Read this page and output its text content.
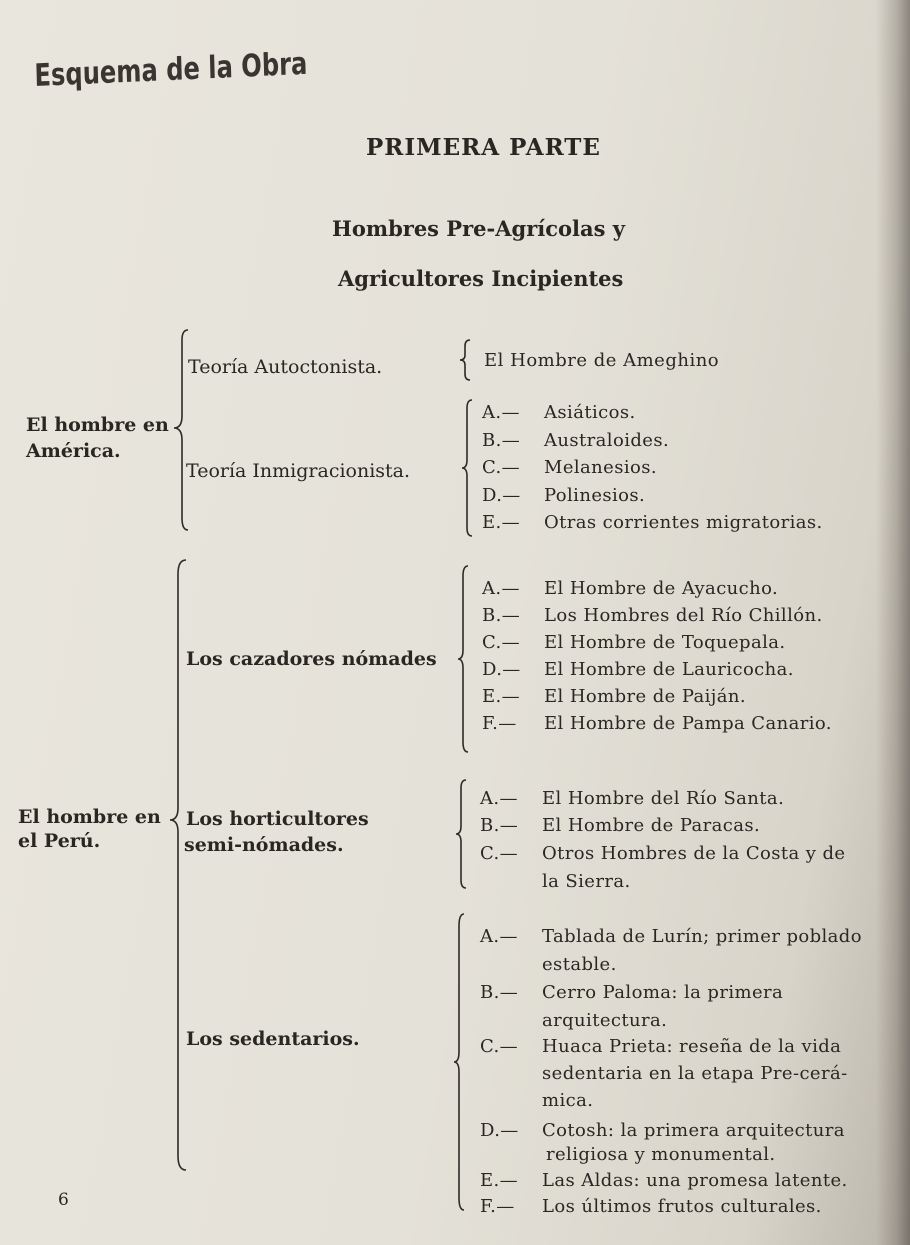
Esquema de la Obra
PRIMERA PARTE
Hombres Pre-Agrícolas y
Agricultores Incipientes
El hombre en
América.
Teoría Autoctonista.	El Hombre de Ameghino
Teoría Inmigracionista.
A.— Asiáticos.
B.— Australoides.
C.— Melanesios.
D.— Polinesios.
E.— Otras corrientes migratorias.
El hombre en
el Perú.
Los cazadores nómades
A.— El Hombre de Ayacucho.
B.— Los Hombres del Río Chillón.
C.— El Hombre de Toquepala.
D.— El Hombre de Lauricocha.
E.— El Hombre de Paiján.
F.— El Hombre de Pampa Canario.
Los horticultores
semi-nómades.
A.— El Hombre del Río Santa.
B.— El Hombre de Paracas.
C.— Otros Hombres de la Costa y de
la Sierra.
Los sedentarios.
A.— Tablada de Lurín; primer poblado
estable.
B.— Cerro Paloma: la primera
arquitectura.
C.— Huaca Prieta: reseña de la vida
sedentaria en la etapa Pre-cerá-
mica.
D.— Cotosh: la primera arquitectura
religiosa y monumental.
E.— Las Aldas: una promesa latente.
F.— Los últimos frutos culturales.
6
